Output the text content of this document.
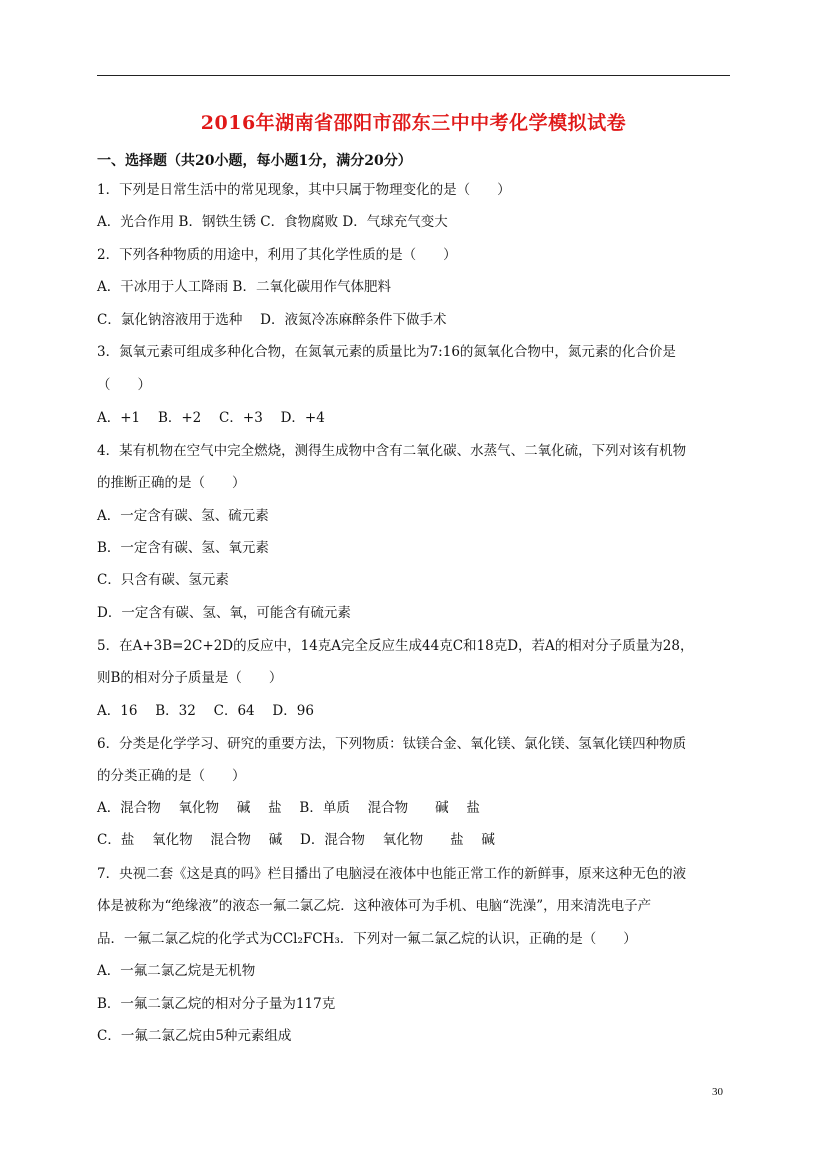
2016年湖南省邵阳市邵东三中中考化学模拟试卷
一、选择题（共20小题，每小题1分，满分20分）
1．下列是日常生活中的常见现象，其中只属于物理变化的是（　　）
A．光合作用 B．钢铁生锈 C．食物腐败 D．气球充气变大
2．下列各种物质的用途中，利用了其化学性质的是（　　）
A．干冰用于人工降雨 B．二氧化碳用作气体肥料
C．氯化钠溶液用于选种　 D．液氮冷冻麻醉条件下做手术
3．氮氧元素可组成多种化合物，在氮氧元素的质量比为7:16的氮氧化合物中，氮元素的化合价是
（　　）
A．+1　 B．+2　 C．+3　 D．+4
4．某有机物在空气中完全燃烧，测得生成物中含有二氧化碳、水蒸气、二氧化硫，下列对该有机物
的推断正确的是（　　）
A．一定含有碳、氢、硫元素
B．一定含有碳、氢、氧元素
C．只含有碳、氢元素
D．一定含有碳、氢、氧，可能含有硫元素
5．在A+3B=2C+2D的反应中，14克A完全反应生成44克C和18克D，若A的相对分子质量为28，
则B的相对分子质量是（　　）
A．16　 B．32　 C．64　 D．96
6．分类是化学学习、研究的重要方法，下列物质：钛镁合金、氧化镁、氯化镁、氢氧化镁四种物质
的分类正确的是（　　）
A．混合物　 氧化物　 碱　 盐　 B．单质　 混合物　　碱　 盐
C．盐　 氧化物　 混合物　 碱　 D．混合物　 氧化物　　盐　 碱
7．央视二套《这是真的吗》栏目播出了电脑浸在液体中也能正常工作的新鲜事，原来这种无色的液
体是被称为“绝缘液”的液态一氟二氯乙烷．这种液体可为手机、电脑“洗澡”，用来清洗电子产
品．一氟二氯乙烷的化学式为CCl₂FCH₃．下列对一氟二氯乙烷的认识，正确的是（　　）
A．一氟二氯乙烷是无机物
B．一氟二氯乙烷的相对分子量为117克
C．一氟二氯乙烷由5种元素组成
30
